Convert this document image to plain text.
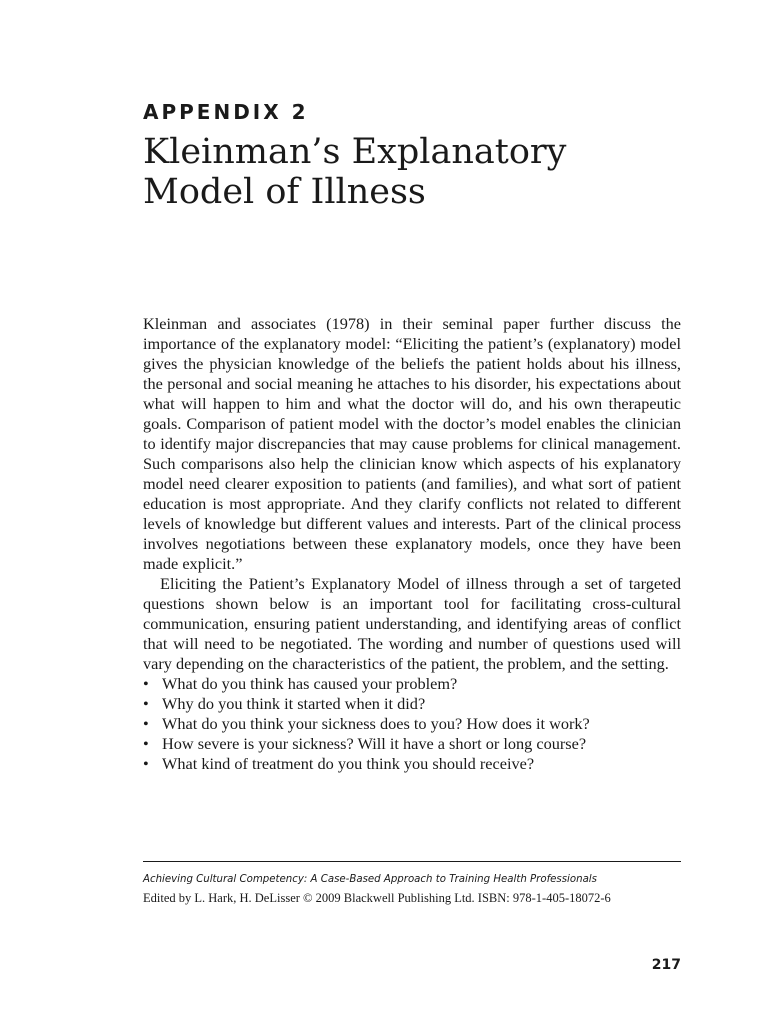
APPENDIX 2
Kleinman’s Explanatory
Model of Illness

Kleinman and associates (1978) in their seminal paper further discuss the importance of the explanatory model: “Eliciting the patient’s (explanatory) model gives the physician knowledge of the beliefs the patient holds about his illness, the personal and social meaning he attaches to his disorder, his expectations about what will happen to him and what the doctor will do, and his own therapeutic goals. Comparison of patient model with the doctor’s model enables the clinician to identify major discrepancies that may cause problems for clinical management. Such comparisons also help the clinician know which aspects of his explanatory model need clearer exposition to patients (and families), and what sort of patient education is most appropriate. And they clarify conflicts not related to different levels of knowledge but different values and interests. Part of the clinical process involves negotiations between these explanatory models, once they have been made explicit.”

Eliciting the Patient’s Explanatory Model of illness through a set of targeted questions shown below is an important tool for facilitating cross-cultural communication, ensuring patient understanding, and identifying areas of conflict that will need to be negotiated. The wording and number of questions used will vary depending on the characteristics of the patient, the problem, and the setting.

• What do you think has caused your problem?
• Why do you think it started when it did?
• What do you think your sickness does to you? How does it work?
• How severe is your sickness? Will it have a short or long course?
• What kind of treatment do you think you should receive?

Achieving Cultural Competency: A Case-Based Approach to Training Health Professionals

Edited by L. Hark, H. DeLisser © 2009 Blackwell Publishing Ltd. ISBN: 978-1-405-18072-6

217
